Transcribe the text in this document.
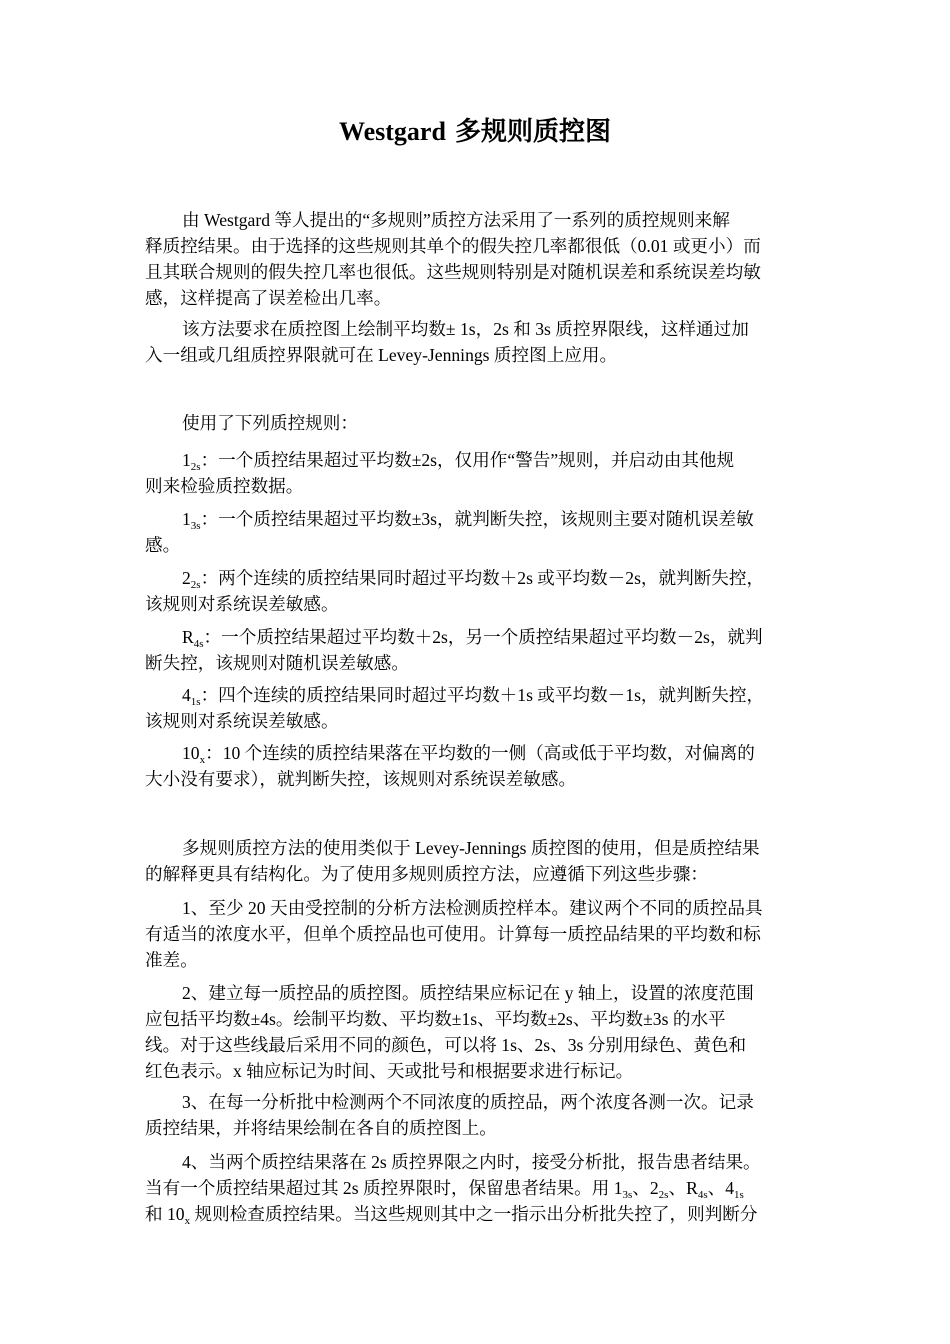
Westgard 多规则质控图

由 Westgard 等人提出的“多规则”质控方法采用了一系列的质控规则来解
释质控结果。由于选择的这些规则其单个的假失控几率都很低（0.01 或更小）而
且其联合规则的假失控几率也很低。这些规则特别是对随机误差和系统误差均敏
感，这样提高了误差检出几率。

该方法要求在质控图上绘制平均数± 1s，2s 和 3s 质控界限线，这样通过加
入一组或几组质控界限就可在 Levey-Jennings 质控图上应用。

使用了下列质控规则：

$1_{2s}$：一个质控结果超过平均数±2s，仅用作“警告”规则，并启动由其他规
则来检验质控数据。

$1_{3s}$：一个质控结果超过平均数±3s，就判断失控，该规则主要对随机误差敏
感。

$2_{2s}$：两个连续的质控结果同时超过平均数＋2s 或平均数－2s，就判断失控，
该规则对系统误差敏感。

$R_{4s}$：一个质控结果超过平均数＋2s，另一个质控结果超过平均数－2s，就判
断失控，该规则对随机误差敏感。

$4_{1s}$：四个连续的质控结果同时超过平均数＋1s 或平均数－1s，就判断失控，
该规则对系统误差敏感。

$10_x$：10 个连续的质控结果落在平均数的一侧（高或低于平均数，对偏离的
大小没有要求），就判断失控，该规则对系统误差敏感。

多规则质控方法的使用类似于 Levey-Jennings 质控图的使用，但是质控结果
的解释更具有结构化。为了使用多规则质控方法，应遵循下列这些步骤：

1、至少 20 天由受控制的分析方法检测质控样本。建议两个不同的质控品具
有适当的浓度水平，但单个质控品也可使用。计算每一质控品结果的平均数和标
准差。

2、建立每一质控品的质控图。质控结果应标记在 y 轴上，设置的浓度范围
应包括平均数±4s。绘制平均数、平均数±1s、平均数±2s、平均数±3s 的水平
线。对于这些线最后采用不同的颜色，可以将 1s、2s、3s 分别用绿色、黄色和
红色表示。x 轴应标记为时间、天或批号和根据要求进行标记。

3、在每一分析批中检测两个不同浓度的质控品，两个浓度各测一次。记录
质控结果，并将结果绘制在各自的质控图上。

4、当两个质控结果落在 2s 质控界限之内时，接受分析批，报告患者结果。
当有一个质控结果超过其 2s 质控界限时，保留患者结果。用 $1_{3s}$、$2_{2s}$、$R_{4s}$、$4_{1s}$
和 $10_x$ 规则检查质控结果。当这些规则其中之一指示出分析批失控了，则判断分
